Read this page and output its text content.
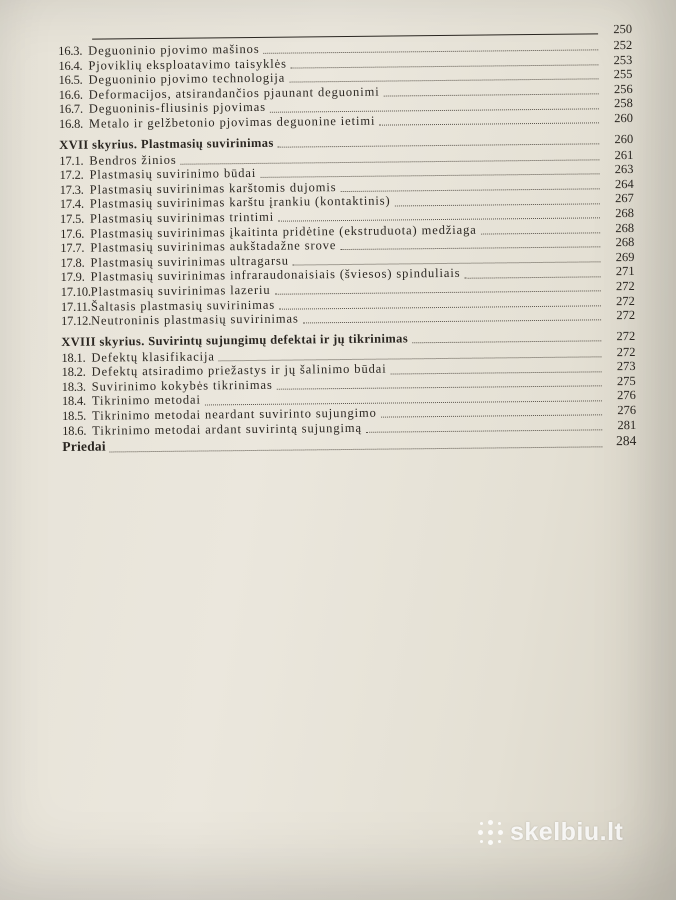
250
16.3. Deguoninio pjovimo mašinos	252
16.4. Pjoviklių eksploatavimo taisyklės	253
16.5. Deguoninio pjovimo technologija	255
16.6. Deformacijos, atsirandančios pjaunant deguonimi	256
16.7. Deguoninis-fliusinis pjovimas	258
16.8. Metalo ir gelžbetonio pjovimas deguonine ietimi	260
XVII skyrius. Plastmasių suvirinimas	260
17.1. Bendros žinios	261
17.2. Plastmasių suvirinimo būdai	263
17.3. Plastmasių suvirinimas karštomis dujomis	264
17.4. Plastmasių suvirinimas karštu įrankiu (kontaktinis)	267
17.5. Plastmasių suvirinimas trintimi	268
17.6. Plastmasių suvirinimas įkaitinta pridėtine (ekstruduota) medžiaga	268
17.7. Plastmasių suvirinimas aukštadažne srove	268
17.8. Plastmasių suvirinimas ultragarsu	269
17.9. Plastmasių suvirinimas infraraudonaisiais (šviesos) spinduliais	271
17.10. Plastmasių suvirinimas lazeriu	272
17.11. Šaltasis plastmasių suvirinimas	272
17.12. Neutroninis plastmasių suvirinimas	272
XVIII skyrius. Suvirintų sujungimų defektai ir jų tikrinimas	272
18.1. Defektų klasifikacija	272
18.2. Defektų atsiradimo priežastys ir jų šalinimo būdai	273
18.3. Suvirinimo kokybės tikrinimas	275
18.4. Tikrinimo metodai	276
18.5. Tikrinimo metodai neardant suvirinto sujungimo	276
18.6. Tikrinimo metodai ardant suvirintą sujungimą	281
Priedai	284
skelbiu.lt
